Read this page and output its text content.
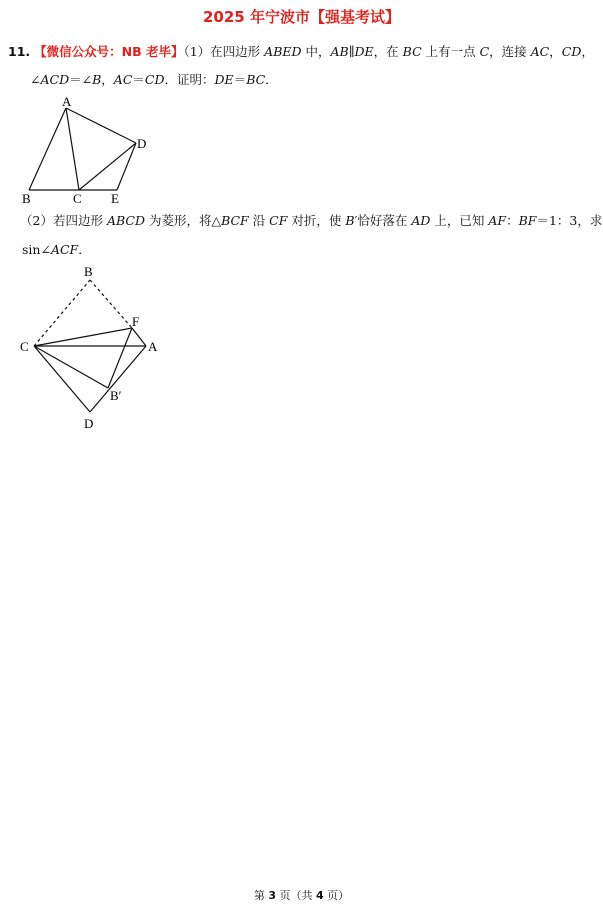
2025 年宁波市【强基考试】
11. 【微信公众号：NB 老毕】（1）在四边形 ABED 中，AB∥DE，在 BC 上有一点 C，连接 AC，CD，
∠ACD＝∠B，AC＝CD．证明：DE＝BC．
A
B	C
D
E
（2）若四边形 ABCD 为菱形，将△BCF 沿 CF 对折，使 B′恰好落在 AD 上，已知 AF：BF＝1：3，求
sin∠ACF．
B
F
C	A
B′
D
第 3 页（共 4 页）
